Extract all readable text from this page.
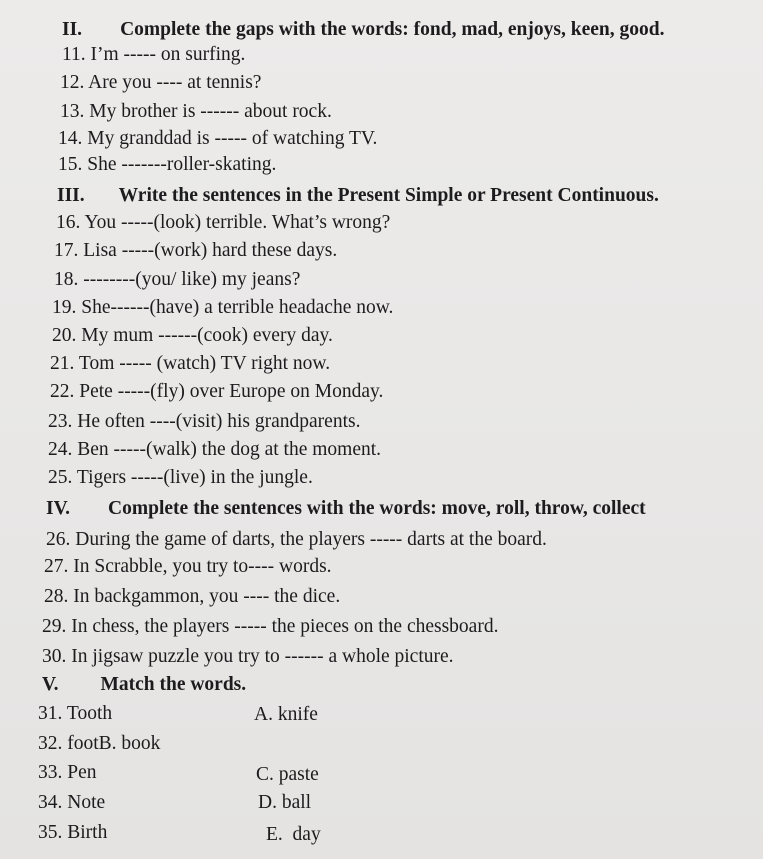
II. Complete the gaps with the words: fond, mad, enjoys, keen, good.
11. I’m ----- on surfing.
12. Are you ---- at tennis?
13. My brother is ------ about rock.
14. My granddad is ----- of watching TV.
15. She -------roller-skating.
III. Write the sentences in the Present Simple or Present Continuous.
16. You -----(look) terrible. What’s wrong?
17. Lisa -----(work) hard these days.
18. --------(you/ like) my jeans?
19. She------(have) a terrible headache now.
20. My mum ------(cook) every day.
21. Tom ----- (watch) TV right now.
22. Pete -----(fly) over Europe on Monday.
23. He often ----(visit) his grandparents.
24. Ben -----(walk) the dog at the moment.
25. Tigers -----(live) in the jungle.
IV. Complete the sentences with the words: move, roll, throw, collect
26. During the game of darts, the players ----- darts at the board.
27. In Scrabble, you try to---- words.
28. In backgammon, you ---- the dice.
29. In chess, the players ----- the pieces on the chessboard.
30. In jigsaw puzzle you try to ------ a whole picture.
V. Match the words.
31. Tooth	A. knife
32. footB. book
33. Pen	C. paste
34. Note	D. ball
35. Birth	E.  day
